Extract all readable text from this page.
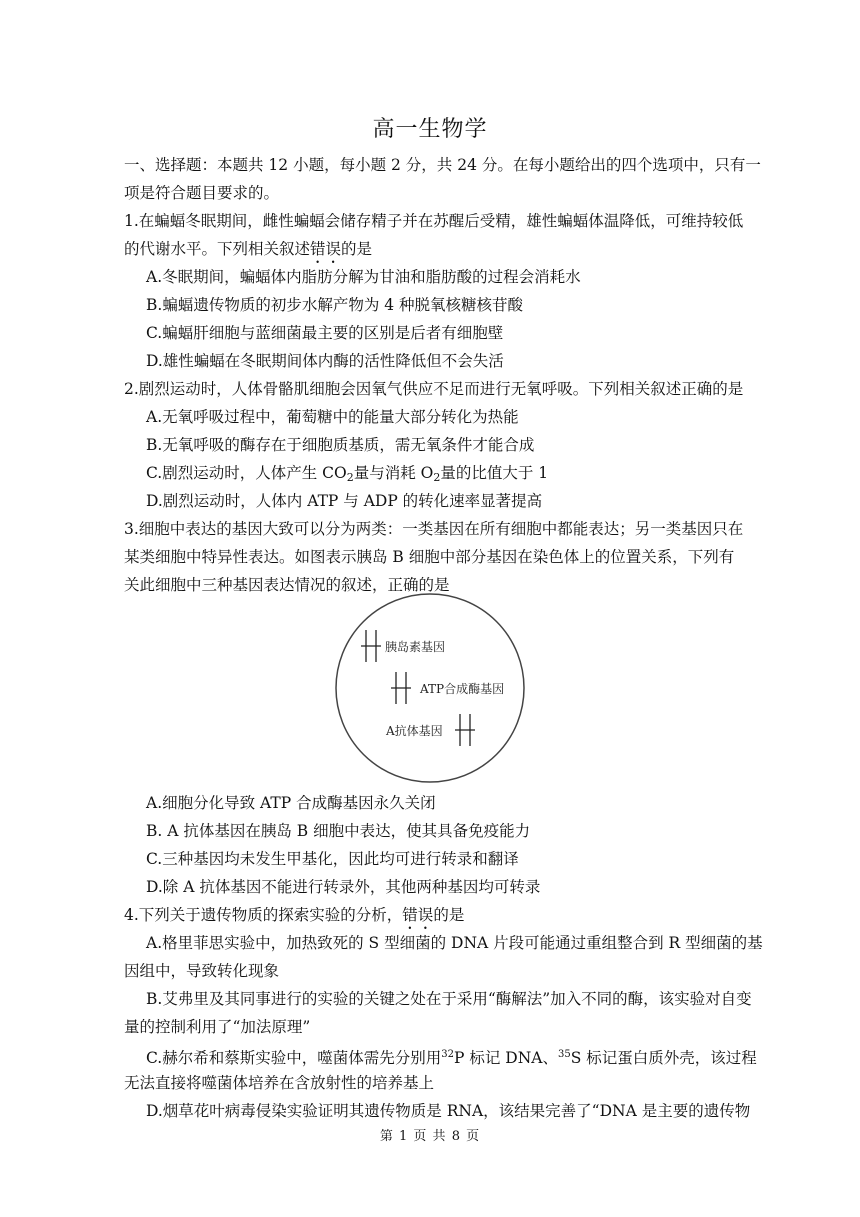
高一生物学
一、选择题：本题共 12 小题，每小题 2 分，共 24 分。在每小题给出的四个选项中，只有一
项是符合题目要求的。
1.在蝙蝠冬眠期间，雌性蝙蝠会储存精子并在苏醒后受精，雄性蝙蝠体温降低，可维持较低
的代谢水平。下列相关叙述错误的是
A.冬眠期间，蝙蝠体内脂肪分解为甘油和脂肪酸的过程会消耗水
B.蝙蝠遗传物质的初步水解产物为 4 种脱氧核糖核苷酸
C.蝙蝠肝细胞与蓝细菌最主要的区别是后者有细胞壁
D.雄性蝙蝠在冬眠期间体内酶的活性降低但不会失活
2.剧烈运动时，人体骨骼肌细胞会因氧气供应不足而进行无氧呼吸。下列相关叙述正确的是
A.无氧呼吸过程中，葡萄糖中的能量大部分转化为热能
B.无氧呼吸的酶存在于细胞质基质，需无氧条件才能合成
C.剧烈运动时，人体产生 $CO_2$量与消耗 $O_2$量的比值大于 1
D.剧烈运动时，人体内 ATP 与 ADP 的转化速率显著提高
3.细胞中表达的基因大致可以分为两类：一类基因在所有细胞中都能表达；另一类基因只在
某类细胞中特异性表达。如图表示胰岛 B 细胞中部分基因在染色体上的位置关系，下列有
关此细胞中三种基因表达情况的叙述，正确的是
胰岛素基因
ATP合成酶基因
A抗体基因
A.细胞分化导致 ATP 合成酶基因永久关闭
B. A 抗体基因在胰岛 B 细胞中表达，使其具备免疫能力
C.三种基因均未发生甲基化，因此均可进行转录和翻译
D.除 A 抗体基因不能进行转录外，其他两种基因均可转录
4.下列关于遗传物质的探索实验的分析，错误的是
A.格里菲思实验中，加热致死的 S 型细菌的 DNA 片段可能通过重组整合到 R 型细菌的基
因组中，导致转化现象
B.艾弗里及其同事进行的实验的关键之处在于采用“酶解法”加入不同的酶，该实验对自变
量的控制利用了“加法原理”
C.赫尔希和蔡斯实验中，噬菌体需先分别用$^{32}$P 标记 DNA、$^{35}$S 标记蛋白质外壳，该过程
无法直接将噬菌体培养在含放射性的培养基上
D.烟草花叶病毒侵染实验证明其遗传物质是 RNA，该结果完善了“DNA 是主要的遗传物
第 1 页 共 8 页
